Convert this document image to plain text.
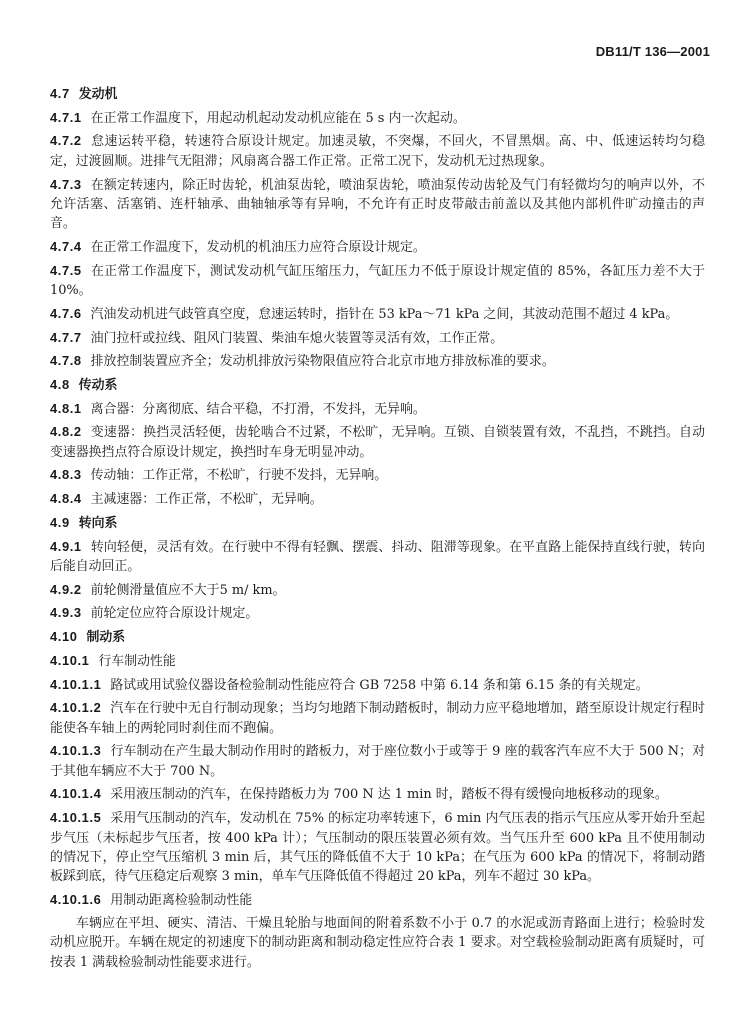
DB11/T 136—2001

4.7 发动机

4.7.1 在正常工作温度下，用起动机起动发动机应能在 5 s 内一次起动。

4.7.2 怠速运转平稳，转速符合原设计规定。加速灵敏，不突爆，不回火，不冒黑烟。高、中、低速运转均匀稳定，过渡圆顺。进排气无阻滞；风扇离合器工作正常。正常工况下，发动机无过热现象。

4.7.3 在额定转速内，除正时齿轮，机油泵齿轮，喷油泵齿轮，喷油泵传动齿轮及气门有轻微均匀的响声以外，不允许活塞、活塞销、连杆轴承、曲轴轴承等有异响，不允许有正时皮带敲击前盖以及其他内部机件旷动撞击的声音。

4.7.4 在正常工作温度下，发动机的机油压力应符合原设计规定。

4.7.5 在正常工作温度下，测试发动机气缸压缩压力，气缸压力不低于原设计规定值的 85%，各缸压力差不大于 10%。

4.7.6 汽油发动机进气歧管真空度，怠速运转时，指针在 53 kPa～71 kPa 之间，其波动范围不超过 4 kPa。

4.7.7 油门拉杆或拉线、阻风门装置、柴油车熄火装置等灵活有效，工作正常。

4.7.8 排放控制装置应齐全；发动机排放污染物限值应符合北京市地方排放标准的要求。

4.8 传动系

4.8.1 离合器：分离彻底、结合平稳，不打滑，不发抖，无异响。

4.8.2 变速器：换挡灵活轻便，齿轮啮合不过紧，不松旷，无异响。互锁、自锁装置有效，不乱挡，不跳挡。自动变速器换挡点符合原设计规定，换挡时车身无明显冲动。

4.8.3 传动轴：工作正常，不松旷，行驶不发抖，无异响。

4.8.4 主减速器：工作正常，不松旷，无异响。

4.9 转向系

4.9.1 转向轻便，灵活有效。在行驶中不得有轻飘、摆震、抖动、阻滞等现象。在平直路上能保持直线行驶，转向后能自动回正。

4.9.2 前轮侧滑量值应不大于5 m/ km。

4.9.3 前轮定位应符合原设计规定。

4.10 制动系

4.10.1 行车制动性能

4.10.1.1 路试或用试验仪器设备检验制动性能应符合 GB 7258 中第 6.14 条和第 6.15 条的有关规定。

4.10.1.2 汽车在行驶中无自行制动现象；当均匀地踏下制动踏板时，制动力应平稳地增加，踏至原设计规定行程时能使各车轴上的两轮同时刹住而不跑偏。

4.10.1.3 行车制动在产生最大制动作用时的踏板力，对于座位数小于或等于 9 座的载客汽车应不大于 500 N；对于其他车辆应不大于 700 N。

4.10.1.4 采用液压制动的汽车，在保持踏板力为 700 N 达 1 min 时，踏板不得有缓慢向地板移动的现象。

4.10.1.5 采用气压制动的汽车，发动机在 75% 的标定功率转速下，6 min 内气压表的指示气压应从零开始升至起步气压（未标起步气压者，按 400 kPa 计）；气压制动的限压装置必须有效。当气压升至 600 kPa 且不使用制动的情况下，停止空气压缩机 3 min 后，其气压的降低值不大于 10 kPa；在气压为 600 kPa 的情况下，将制动踏板踩到底，待气压稳定后观察 3 min，单车气压降低值不得超过 20 kPa，列车不超过 30 kPa。

4.10.1.6 用制动距离检验制动性能

车辆应在平坦、硬实、清洁、干燥且轮胎与地面间的附着系数不小于 0.7 的水泥或沥青路面上进行；检验时发动机应脱开。车辆在规定的初速度下的制动距离和制动稳定性应符合表 1 要求。对空载检验制动距离有质疑时，可按表 1 满载检验制动性能要求进行。
